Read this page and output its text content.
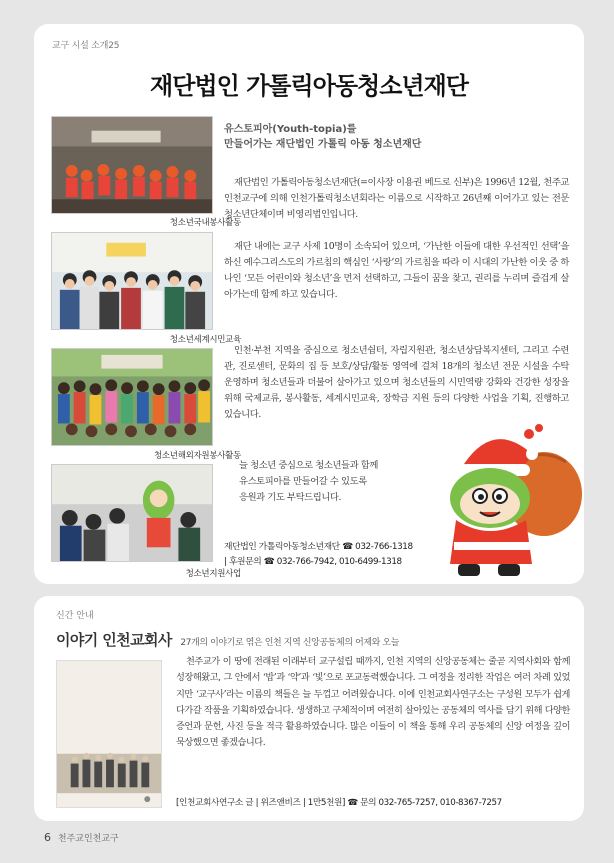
교구 시설 소개25
재단법인 가톨릭아동청소년재단
청소년국내봉사활동
청소년세계시민교육
청소년해외자원봉사활동
청소년지원사업
유스토피아(Youth-topia)를
만들어가는 재단법인 가톨릭 아동 청소년재단

재단법인 가톨릭아동청소년재단(=이사장 이용권 베드로 신부)은 1996년 12월, 천주교 인천교구에 의해 인천가톨릭청소년회라는 이름으로 시작하고 26년째 이어가고 있는 전문 청소년단체이며 비영리법인입니다.

재단 내에는 교구 사제 10명이 소속되어 있으며, ‘가난한 이들에 대한 우선적인 선택’을 하신 예수그리스도의 가르침의 핵심인 ‘사랑’의 가르침을 따라 이 시대의 가난한 이웃 중 하나인 ‘모든 어린이와 청소년’을 먼저 선택하고, 그들이 꿈을 찾고, 권리를 누리며 즐겁게 살아가는데 함께 하고 있습니다.

인천·부천 지역을 중심으로 청소년쉼터, 자립지원관, 청소년상담복지센터, 그리고 수련관, 진로센터, 문화의 집 등 보호/상담/활동 영역에 걸쳐 18개의 청소년 전문 시설을 수탁 운영하며 청소년들과 더불어 살아가고 있으며 청소년들의 시민역량 강화와 건강한 성장을 위해 국제교류, 봉사활동, 세계시민교육, 장학금 지원 등의 다양한 사업을 기획, 진행하고 있습니다.

늘 청소년 중심으로 청소년들과 함께
유스토피아를 만들어갈 수 있도록
응원과 기도 부탁드립니다.
재단법인 가톨릭아동청소년재단 ☎ 032-766-1318
| 후원문의 ☎ 032-766-7942, 010-6499-1318
신간 안내
이야기 인천교회사 27개의 이야기로 엮은 인천 지역 신앙공동체의 어제와 오늘

천주교가 이 땅에 전래된 이래부터 교구설립 때까지, 인천 지역의 신앙공동체는 줄곧 지역사회와 함께 성장해왔고, 그 안에서 ‘밥’과 ‘약’과 ‘빛’으로 포교동력했습니다. 그 여정을 정리한 작업은 여러 차례 있었지만 ‘교구사’라는 이름의 책들은 늘 두껍고 어려웠습니다. 이에 인천교회사연구소는 구성원 모두가 쉽게 다가갈 작품을 기획하였습니다. 생생하고 구체적이며 여전히 살아있는 공동체의 역사를 담기 위해 다양한 증언과 문헌, 사진 등을 적극 활용하였습니다. 많은 이들이 이 책을 통해 우리 공동체의 신앙 여정을 깊이 묵상했으면 좋겠습니다.

[인천교회사연구소 글 | 위즈앤비즈 | 1만5천원] ☎ 문의 032-765-7257, 010-8367-7257
6 천주교인천교구
